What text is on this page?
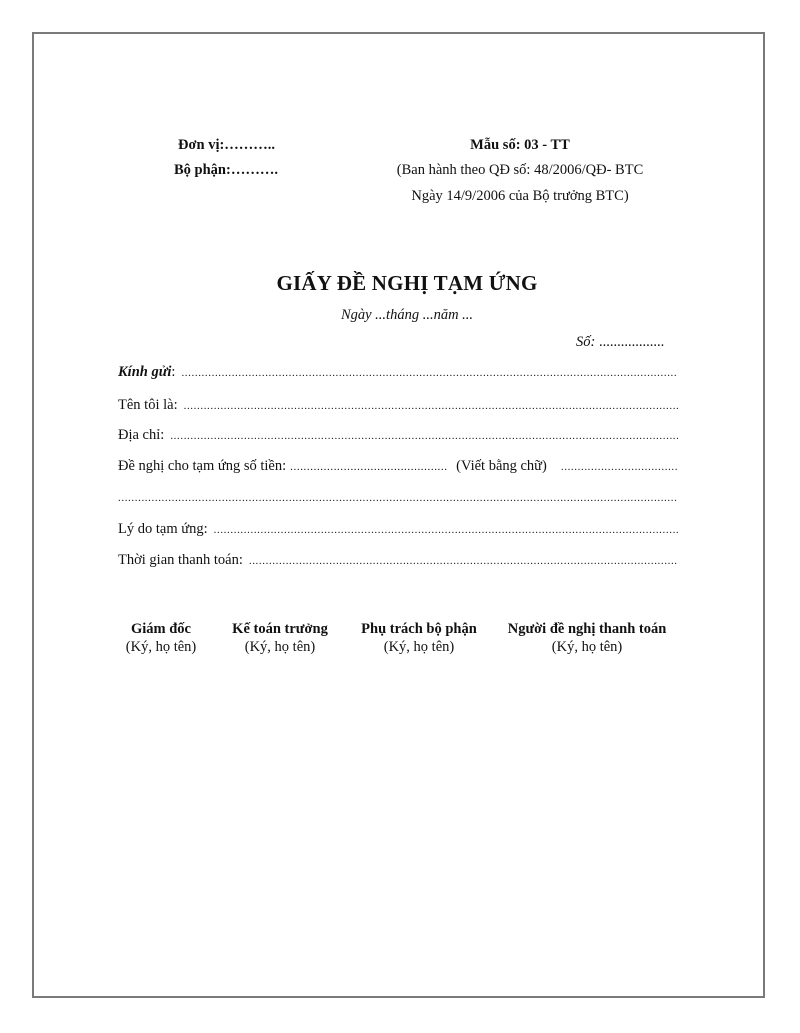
Đơn vị:………..
Bộ phận:……….
Mẫu số: 03 - TT
(Ban hành theo QĐ số: 48/2006/QĐ- BTC
Ngày 14/9/2006 của Bộ trưởng BTC)
GIẤY ĐỀ NGHỊ TẠM ỨNG
Ngày ...tháng ...năm ...
Số: ..................
Kính gửi:
.....
Tên tôi là:
.....
Địa chỉ:
.....
Đề nghị cho tạm ứng số tiền:
.....	(Viết bằng chữ)
.....
.....
Lý do tạm ứng:
.....
Thời gian thanh toán:
.....
Giám đốc
(Ký, họ tên)
Kế toán trưởng
(Ký, họ tên)
Phụ trách bộ phận
(Ký, họ tên)
Người đề nghị thanh toán
(Ký, họ tên)
